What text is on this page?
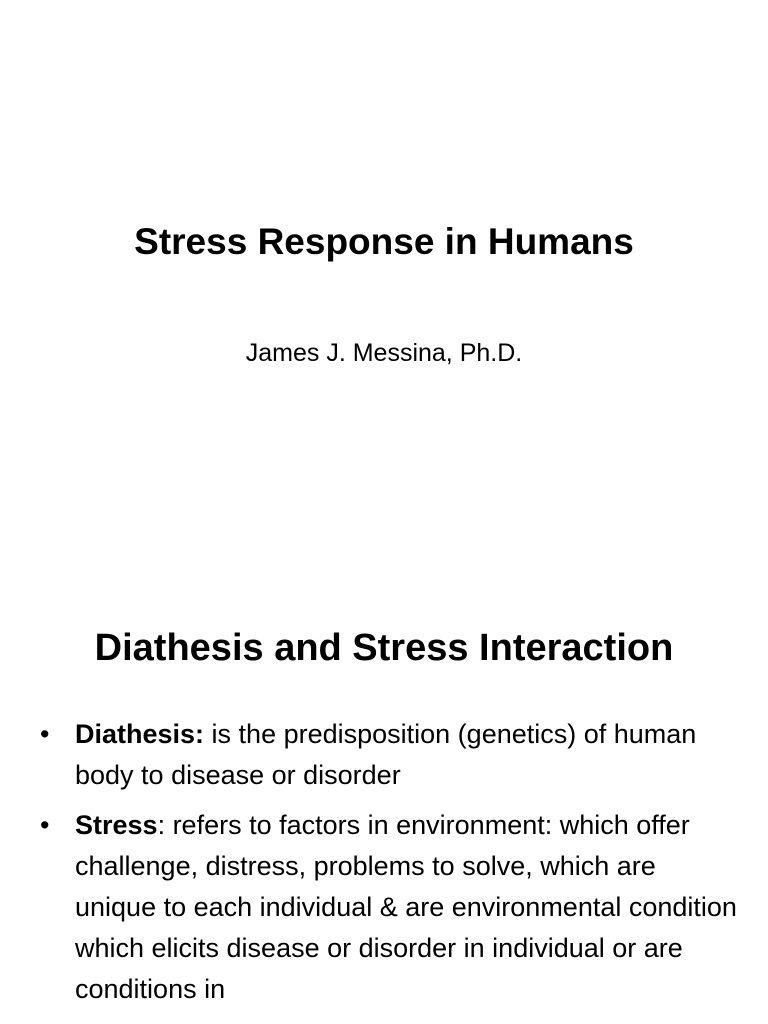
Stress Response in Humans
James J. Messina, Ph.D.
Diathesis and Stress Interaction
• Diathesis: is the predisposition (genetics) of human body to disease or disorder
• Stress: refers to factors in environment: which offer challenge, distress, problems to solve, which are unique to each individual & are environmental condition which elicits disease or disorder in individual or are conditions in
